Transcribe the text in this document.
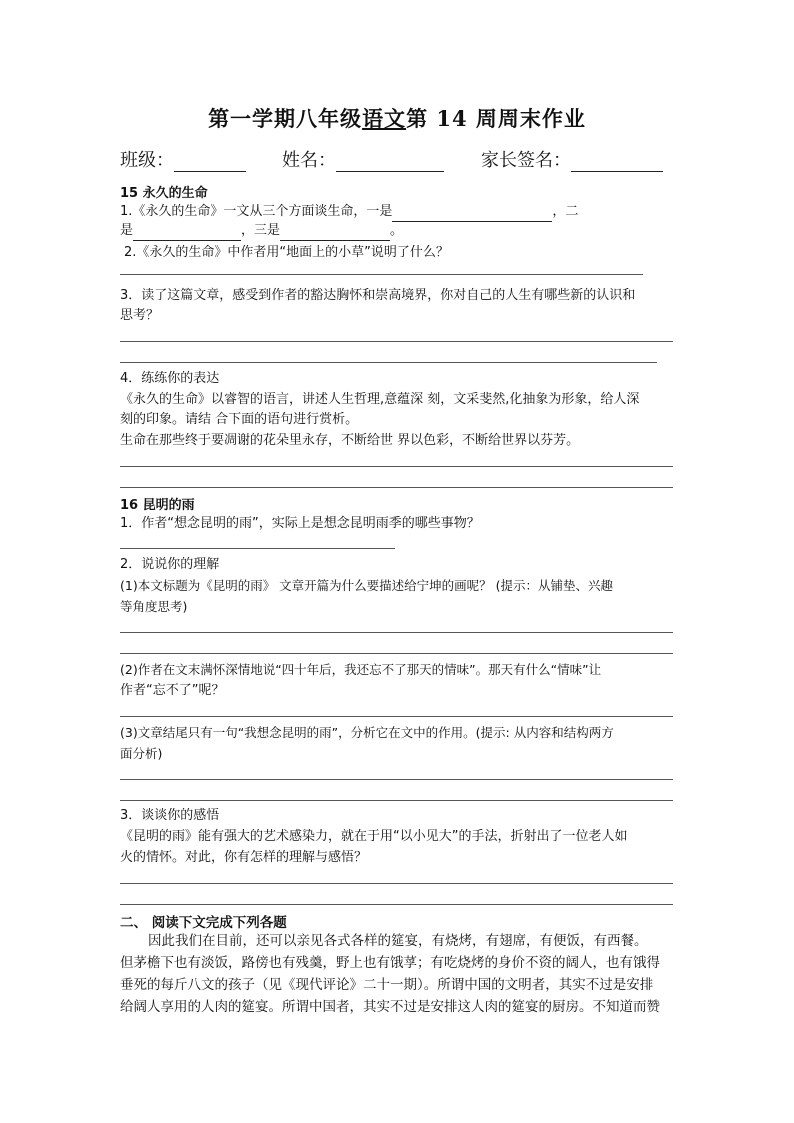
第一学期八年级语文第 14 周周末作业
班级：	姓名：	家长签名：
15 永久的生命
1.《永久的生命》一文从三个方面谈生命，一是	，二
是	，三是	。
2.《永久的生命》中作者用“地面上的小草”说明了什么？
3．读了这篇文章，感受到作者的豁达胸怀和崇高境界，你对自己的人生有哪些新的认识和
思考？
4．练练你的表达
《永久的生命》以睿智的语言，讲述人生哲理,意蕴深 刻，文采斐然,化抽象为形象，给人深
刻的印象。请结 合下面的语句进行赏析。
生命在那些终于要凋谢的花朵里永存，不断给世 界以色彩，不断给世界以芬芳。
16 昆明的雨
1．作者“想念昆明的雨”，实际上是想念昆明雨季的哪些事物？
2．说说你的理解
(1)本文标题为《昆明的雨》 文章开篇为什么要描述给宁坤的画呢？ (提示：从铺垫、兴趣
等角度思考)
(2)作者在文末满怀深情地说“四十年后，我还忘不了那天的情味”。那天有什么“情味”让
作者“忘不了”呢？
(3)文章结尾只有一句“我想念昆明的雨”，分析它在文中的作用。(提示: 从内容和结构两方
面分析)
3．谈谈你的感悟
《昆明的雨》能有强大的艺术感染力，就在于用“以小见大”的手法，折射出了一位老人如
火的情怀。对此，你有怎样的理解与感悟？
二、 阅读下文完成下列各题
因此我们在目前，还可以亲见各式各样的筵宴，有烧烤，有翅席，有便饭，有西餐。
但茅檐下也有淡饭，路傍也有残羹，野上也有饿莩；有吃烧烤的身价不资的阔人，也有饿得
垂死的每斤八文的孩子（见《现代评论》二十一期）。所谓中国的文明者，其实不过是安排
给阔人享用的人肉的筵宴。所谓中国者，其实不过是安排这人肉的筵宴的厨房。不知道而赞
